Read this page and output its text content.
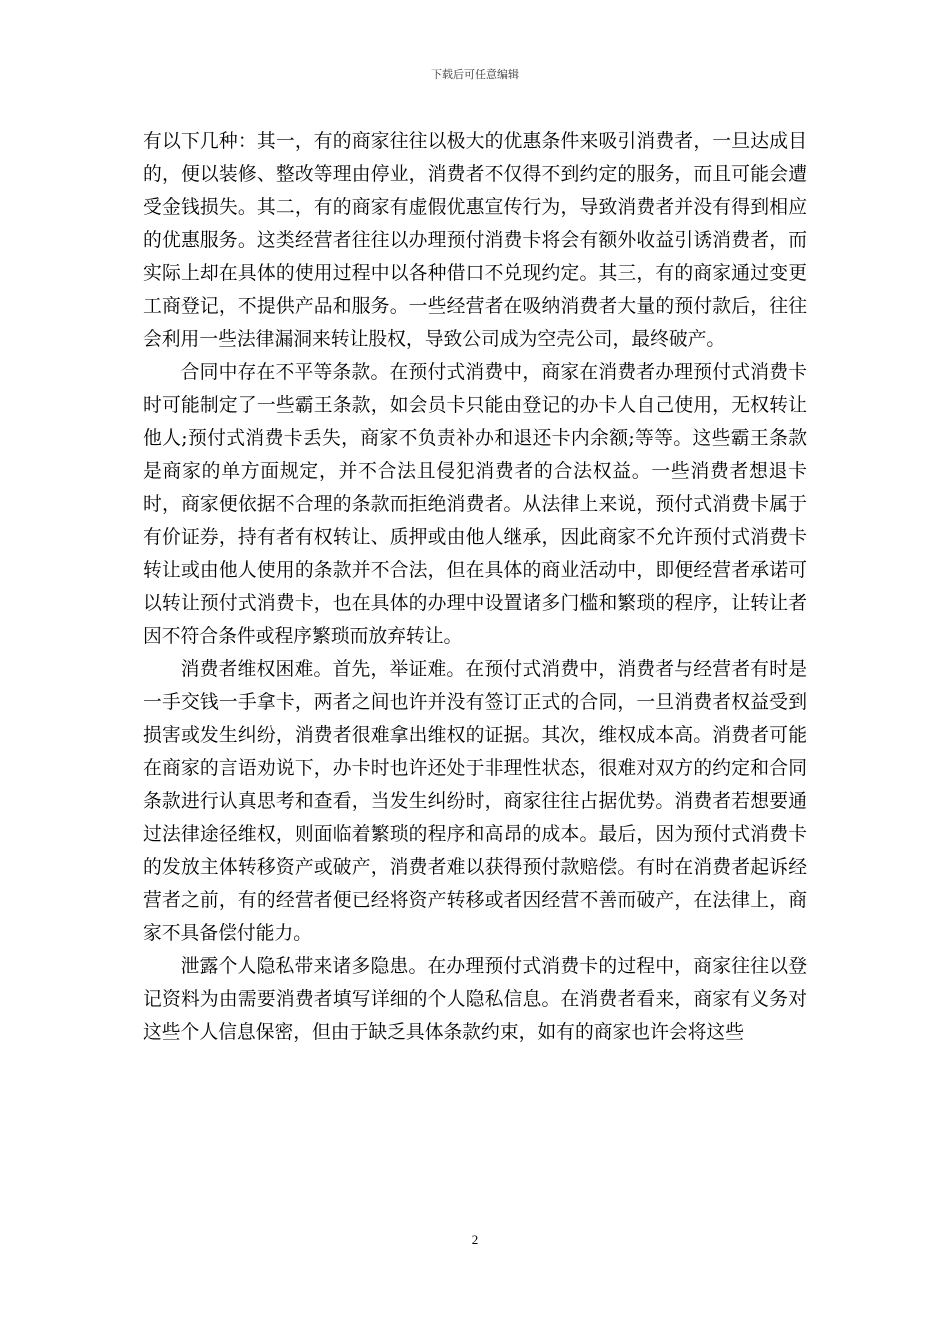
下载后可任意编辑

有以下几种：其一，有的商家往往以极大的优惠条件来吸引消费者，一旦达成目的，便以装修、整改等理由停业，消费者不仅得不到约定的服务，而且可能会遭受金钱损失。其二，有的商家有虚假优惠宣传行为，导致消费者并没有得到相应的优惠服务。这类经营者往往以办理预付消费卡将会有额外收益引诱消费者，而实际上却在具体的使用过程中以各种借口不兑现约定。其三，有的商家通过变更工商登记，不提供产品和服务。一些经营者在吸纳消费者大量的预付款后，往往会利用一些法律漏洞来转让股权，导致公司成为空壳公司，最终破产。

合同中存在不平等条款。在预付式消费中，商家在消费者办理预付式消费卡时可能制定了一些霸王条款，如会员卡只能由登记的办卡人自己使用，无权转让他人;预付式消费卡丢失，商家不负责补办和退还卡内余额;等等。这些霸王条款是商家的单方面规定，并不合法且侵犯消费者的合法权益。一些消费者想退卡时，商家便依据不合理的条款而拒绝消费者。从法律上来说，预付式消费卡属于有价证券，持有者有权转让、质押或由他人继承，因此商家不允许预付式消费卡转让或由他人使用的条款并不合法，但在具体的商业活动中，即便经营者承诺可以转让预付式消费卡，也在具体的办理中设置诸多门槛和繁琐的程序，让转让者因不符合条件或程序繁琐而放弃转让。

消费者维权困难。首先，举证难。在预付式消费中，消费者与经营者有时是一手交钱一手拿卡，两者之间也许并没有签订正式的合同，一旦消费者权益受到损害或发生纠纷，消费者很难拿出维权的证据。其次，维权成本高。消费者可能在商家的言语劝说下，办卡时也许还处于非理性状态，很难对双方的约定和合同条款进行认真思考和查看，当发生纠纷时，商家往往占据优势。消费者若想要通过法律途径维权，则面临着繁琐的程序和高昂的成本。最后，因为预付式消费卡的发放主体转移资产或破产，消费者难以获得预付款赔偿。有时在消费者起诉经营者之前，有的经营者便已经将资产转移或者因经营不善而破产，在法律上，商家不具备偿付能力。

泄露个人隐私带来诸多隐患。在办理预付式消费卡的过程中，商家往往以登记资料为由需要消费者填写详细的个人隐私信息。在消费者看来，商家有义务对这些个人信息保密，但由于缺乏具体条款约束，如有的商家也许会将这些

2
